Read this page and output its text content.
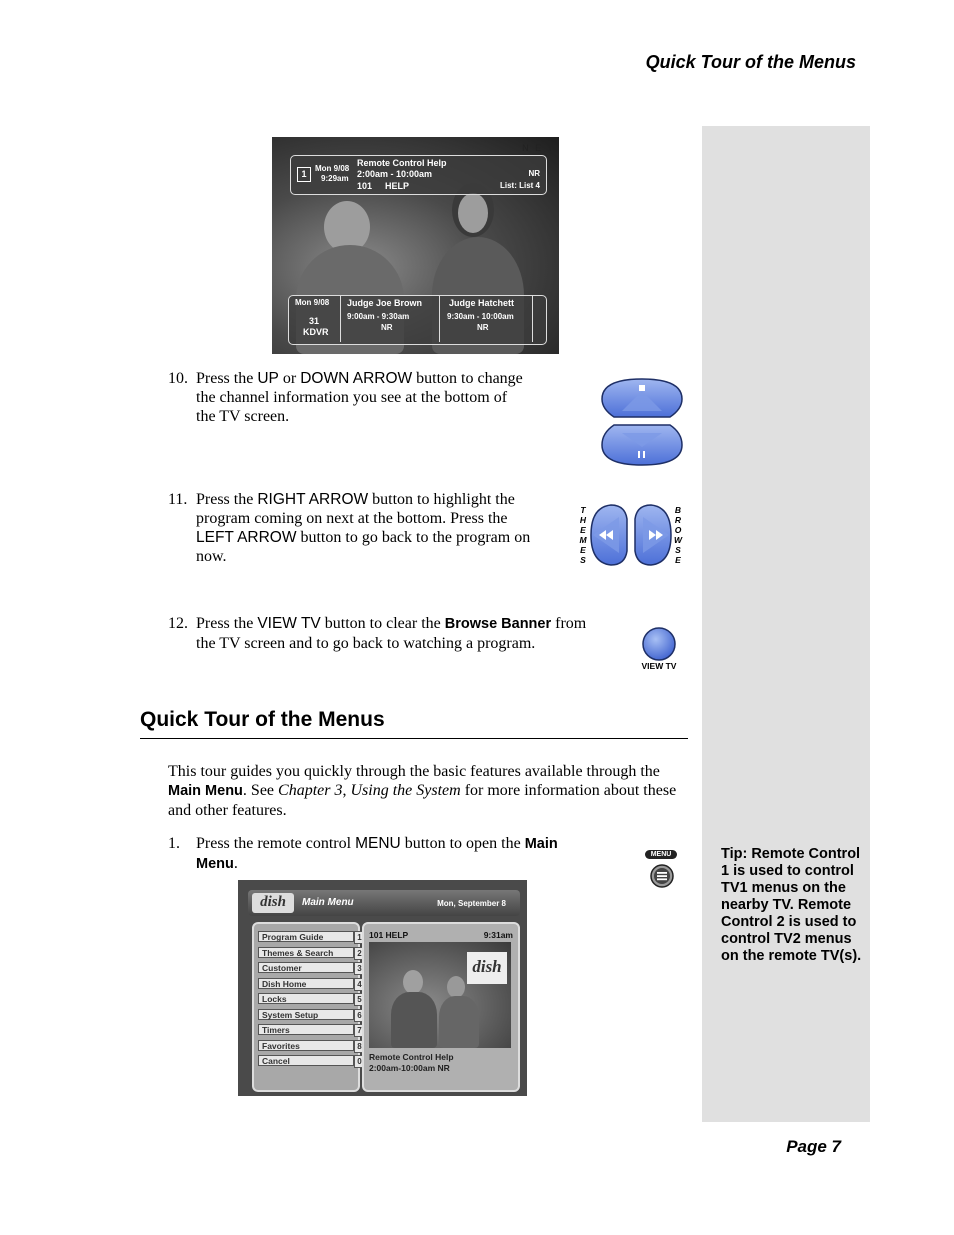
Quick Tour of the Menus
Tip: Remote Control 1 is used to control TV1 menus on the nearby TV. Remote Control 2 is used to control TV2 menus on the remote TV(s).
N E T
1
Mon 9/08
9:29am
Remote Control Help
2:00am - 10:00am
101 HELP
NR
List: List 4
Mon 9/08
31
KDVR
Judge Joe Brown
9:00am - 9:30am
NR
Judge Hatchett
9:30am - 10:00am
NR
10. Press the UP or DOWN ARROW button to change the channel information you see at the bottom of the TV screen.
11. Press the RIGHT ARROW button to highlight the program coming on next at the bottom. Press the LEFT ARROW button to go back to the program on now.
T
H
E
M
E
S
B
R
O
W
S
E
12. Press the VIEW TV button to clear the Browse Banner from the TV screen and to go back to watching a program.
VIEW TV
Quick Tour of the Menus
This tour guides you quickly through the basic features available through the Main Menu. See Chapter 3, Using the System for more information about these and other features.
1.	Press the remote control MENU button to open the Main Menu.
MENU
dish	Main Menu	Mon, September 8
Program Guide	1
Themes & Search	2
Customer	3
Dish Home	4
Locks	5
System Setup	6
Timers	7
Favorites	8
Cancel	0
101 HELP	9:31am
dish
Remote Control Help
2:00am-10:00am NR
Page 7
